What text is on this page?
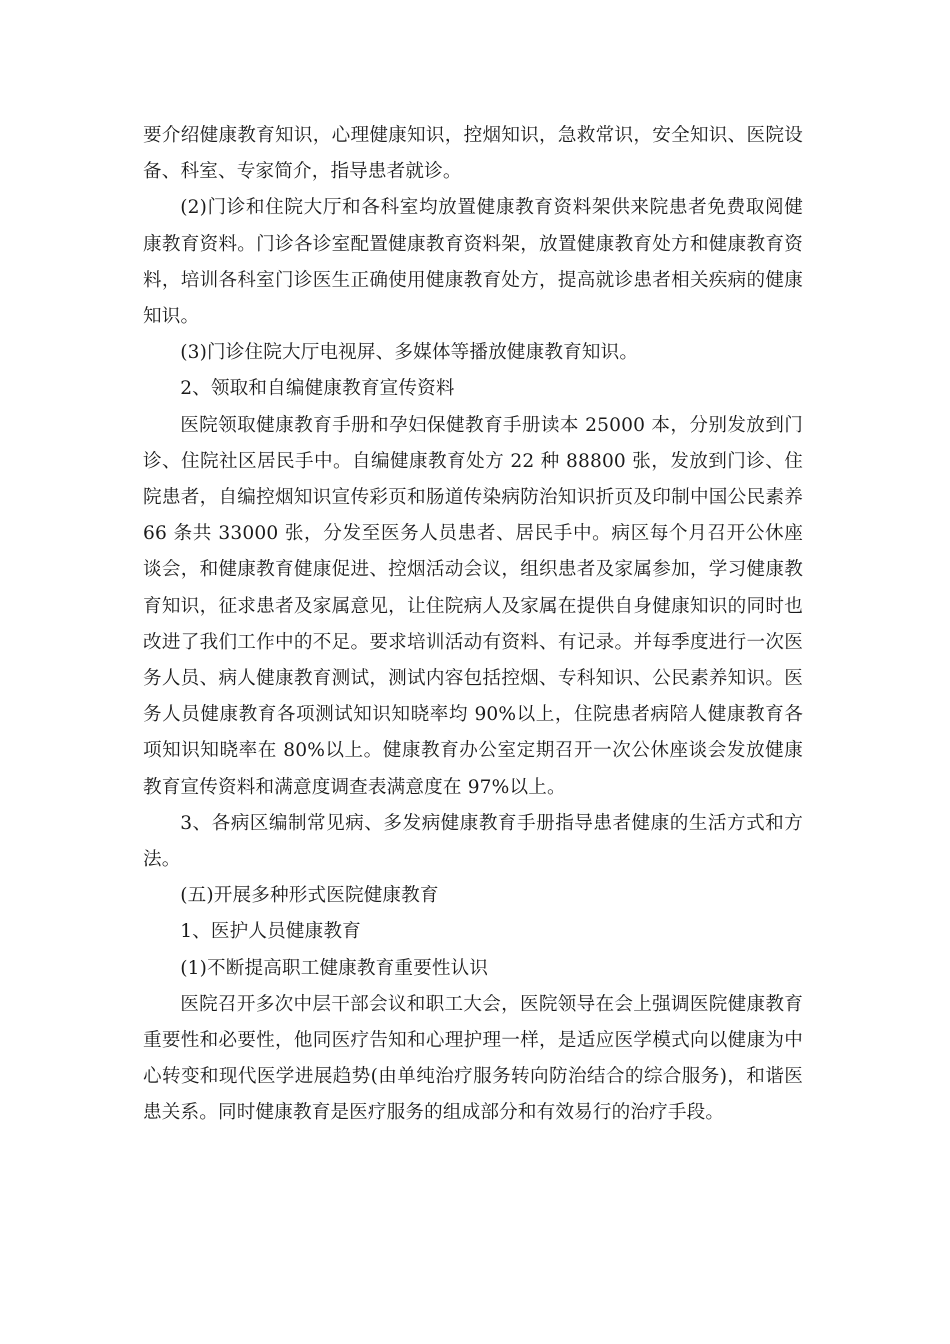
要介绍健康教育知识，心理健康知识，控烟知识，急救常识，安全知识、医院设备、科室、专家简介，指导患者就诊。

(2)门诊和住院大厅和各科室均放置健康教育资料架供来院患者免费取阅健康教育资料。门诊各诊室配置健康教育资料架，放置健康教育处方和健康教育资料，培训各科室门诊医生正确使用健康教育处方，提高就诊患者相关疾病的健康知识。

(3)门诊住院大厅电视屏、多媒体等播放健康教育知识。

2、领取和自编健康教育宣传资料

医院领取健康教育手册和孕妇保健教育手册读本 25000 本，分别发放到门诊、住院社区居民手中。自编健康教育处方 22 种 88800 张，发放到门诊、住院患者，自编控烟知识宣传彩页和肠道传染病防治知识折页及印制中国公民素养 66 条共 33000 张，分发至医务人员患者、居民手中。病区每个月召开公休座谈会，和健康教育健康促进、控烟活动会议，组织患者及家属参加，学习健康教育知识，征求患者及家属意见，让住院病人及家属在提供自身健康知识的同时也改进了我们工作中的不足。要求培训活动有资料、有记录。并每季度进行一次医务人员、病人健康教育测试，测试内容包括控烟、专科知识、公民素养知识。医务人员健康教育各项测试知识知晓率均 90%以上，住院患者病陪人健康教育各项知识知晓率在 80%以上。健康教育办公室定期召开一次公休座谈会发放健康教育宣传资料和满意度调查表满意度在 97%以上。

3、各病区编制常见病、多发病健康教育手册指导患者健康的生活方式和方法。

(五)开展多种形式医院健康教育

1、医护人员健康教育

(1)不断提高职工健康教育重要性认识

医院召开多次中层干部会议和职工大会，医院领导在会上强调医院健康教育重要性和必要性，他同医疗告知和心理护理一样，是适应医学模式向以健康为中心转变和现代医学进展趋势(由单纯治疗服务转向防治结合的综合服务)，和谐医患关系。同时健康教育是医疗服务的组成部分和有效易行的治疗手段。
